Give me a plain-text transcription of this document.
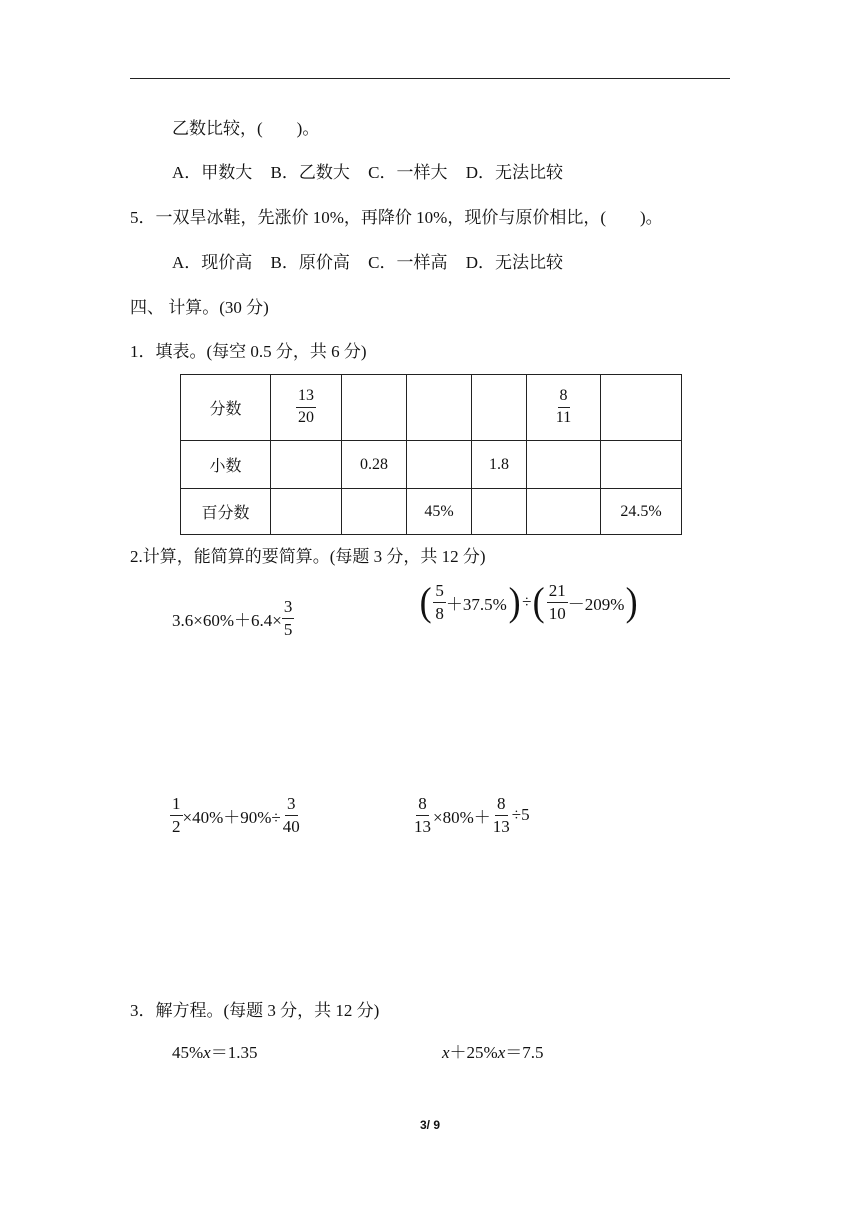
乙数比较，(　　)。
A．甲数大 B．乙数大 C．一样大 D．无法比较
5．一双旱冰鞋，先涨价 10%，再降价 10%，现价与原价相比，(　　)。
A．现价高 B．原价高 C．一样高 D．无法比较
四、 计算。(30 分)
1．填表。(每空 0.5 分，共 6 分)
分数	$\frac{13}{20}$				$\frac{8}{11}$

小数		0.28		1.8		
百分数			45%			24.5%
2.计算，能简算的要简算。(每题 3 分，共 12 分)
$3.6\times 60\%+6.4\times \frac{3}{5}$	( $\frac{5}{8} +37.5\%$ ) ÷ ( $\frac{21}{10} -209\%$ )
$\frac{1}{2} \times 40\%+90\%\div \frac{3}{40}$	$\frac{8}{13} \times 80\%+ \frac{8}{13} \div 5$
3．解方程。(每题 3 分，共 12 分)
45%x＝1.35	x＋25%x＝7.5
3/ 9
